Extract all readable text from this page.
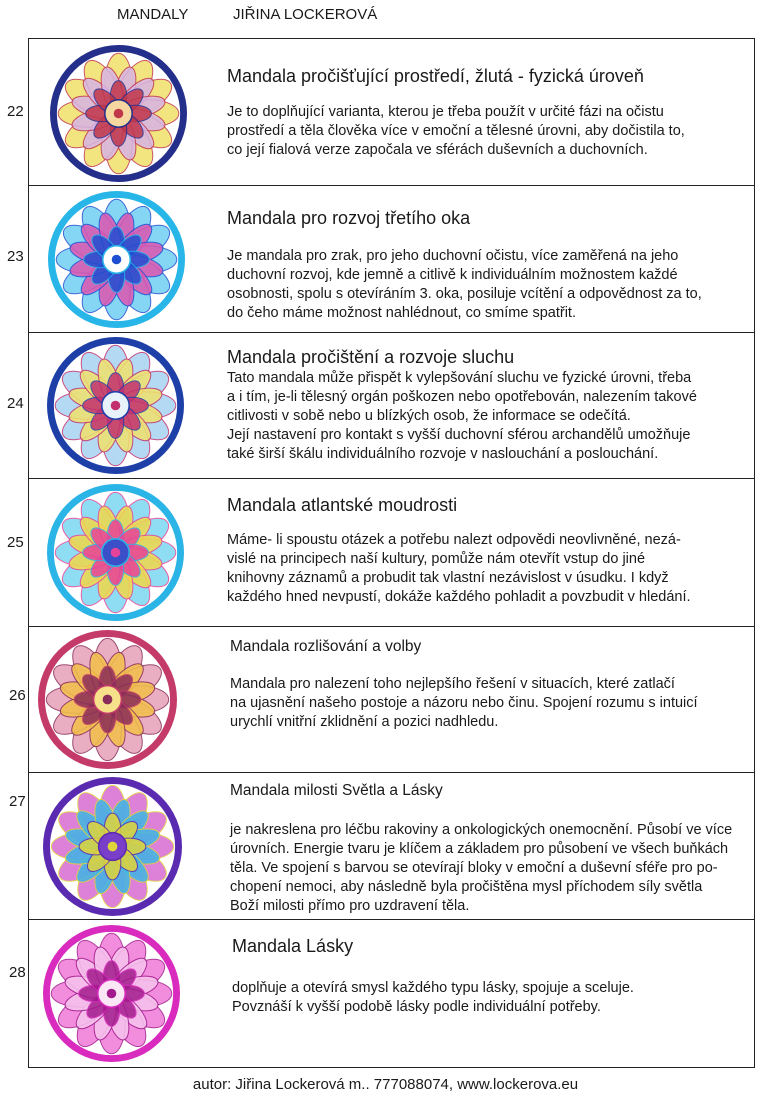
MANDALY	JIŘINA LOCKEROVÁ
22
Mandala pročišťující prostředí, žlutá - fyzická úroveň
Je to doplňující varianta, kterou je třeba použít v určité fázi na očistu
prostředí a těla člověka více v emoční a tělesné úrovni, aby dočistila to,
co její fialová verze započala ve sférách duševních a duchovních.
23
Mandala pro rozvoj třetího oka
Je mandala pro zrak, pro jeho duchovní očistu, více zaměřená na jeho
duchovní rozvoj, kde jemně a citlivě k individuálním možnostem každé
osobnosti, spolu s otevíráním 3. oka, posiluje vcítění a odpovědnost za to,
do čeho máme možnost nahlédnout, co smíme spatřit.
24
Mandala pročištění a rozvoje sluchu
Tato mandala může přispět k vylepšování sluchu ve fyzické úrovni, třeba
a i tím, je-li tělesný orgán poškozen nebo opotřebován, nalezením takové
citlivosti v sobě nebo u blízkých osob, že informace se odečítá.
Její nastavení pro kontakt s vyšší duchovní sférou archandělů umožňuje
také širší škálu individuálního rozvoje v naslouchání a poslouchání.
25
Mandala atlantské moudrosti
Máme- li spoustu otázek a potřebu nalezt odpovědi neovlivněné, nezá-
vislé na principech naší kultury, pomůže nám otevřít vstup do jiné
knihovny záznamů a probudit tak vlastní nezávislost v úsudku. I když
každého hned nevpustí, dokáže každého pohladit a povzbudit v hledání.
26
Mandala rozlišování a volby
Mandala pro nalezení toho nejlepšího řešení v situacích, které zatlačí
na ujasnění našeho postoje a názoru nebo činu. Spojení rozumu s intuicí
urychlí vnitřní zklidnění a pozici nadhledu.
27
Mandala milosti Světla a Lásky
je nakreslena pro léčbu rakoviny a onkologických onemocnění. Působí ve více
úrovních. Energie tvaru je klíčem a základem pro působení ve všech buňkách
těla. Ve spojení s barvou se otevírají bloky v emoční a duševní sféře pro po-
chopení nemoci, aby následně byla pročištěna mysl příchodem síly světla
Boží milosti přímo pro uzdravení těla.
28
Mandala Lásky
doplňuje a otevírá smysl každého typu lásky, spojuje a sceluje.
Povznáší k vyšší podobě lásky podle individuální potřeby.
autor: Jiřina Lockerová m.. 777088074, www.lockerova.eu
